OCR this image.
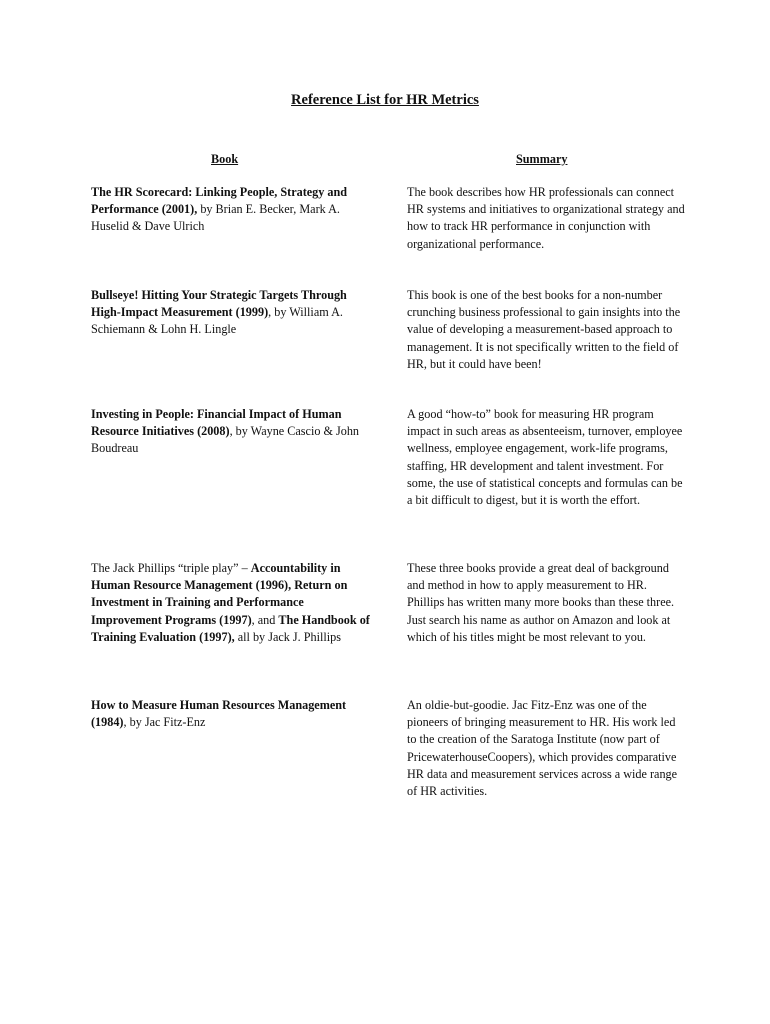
Reference List for HR Metrics
Book	Summary
The HR Scorecard: Linking People, Strategy and Performance (2001), by Brian E. Becker, Mark A. Huselid & Dave Ulrich
The book describes how HR professionals can connect HR systems and initiatives to organizational strategy and how to track HR performance in conjunction with organizational performance.
Bullseye! Hitting Your Strategic Targets Through High-Impact Measurement (1999), by William A. Schiemann & Lohn H. Lingle
This book is one of the best books for a non-number crunching business professional to gain insights into the value of developing a measurement-based approach to management. It is not specifically written to the field of HR, but it could have been!
Investing in People: Financial Impact of Human Resource Initiatives (2008), by Wayne Cascio & John Boudreau
A good “how-to” book for measuring HR program impact in such areas as absenteeism, turnover, employee wellness, employee engagement, work-life programs, staffing, HR development and talent investment. For some, the use of statistical concepts and formulas can be a bit difficult to digest, but it is worth the effort.
The Jack Phillips “triple play” – Accountability in Human Resource Management (1996), Return on Investment in Training and Performance Improvement Programs (1997), and The Handbook of Training Evaluation (1997), all by Jack J. Phillips
These three books provide a great deal of background and method in how to apply measurement to HR. Phillips has written many more books than these three. Just search his name as author on Amazon and look at which of his titles might be most relevant to you.
How to Measure Human Resources Management (1984), by Jac Fitz-Enz
An oldie-but-goodie. Jac Fitz-Enz was one of the pioneers of bringing measurement to HR. His work led to the creation of the Saratoga Institute (now part of PricewaterhouseCoopers), which provides comparative HR data and measurement services across a wide range of HR activities.
